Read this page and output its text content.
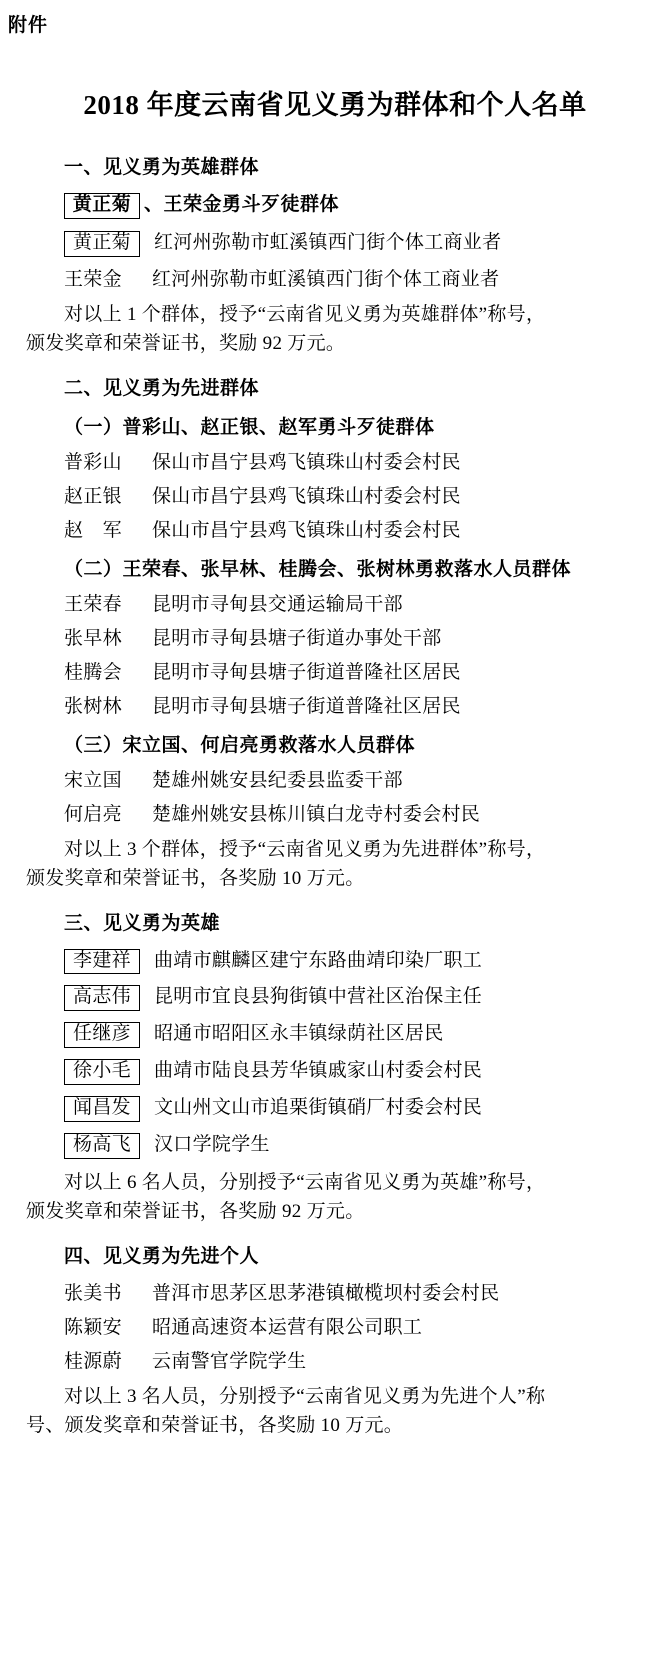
附件
2018 年度云南省见义勇为群体和个人名单
一、见义勇为英雄群体
黄正菊 、王荣金勇斗歹徒群体
黄正菊	红河州弥勒市虹溪镇西门街个体工商业者
王荣金	红河州弥勒市虹溪镇西门街个体工商业者
对以上 1 个群体，授予“云南省见义勇为英雄群体”称号，
颁发奖章和荣誉证书，奖励 92 万元。
二、见义勇为先进群体
（一）普彩山、赵正银、赵军勇斗歹徒群体
普彩山	保山市昌宁县鸡飞镇珠山村委会村民
赵正银	保山市昌宁县鸡飞镇珠山村委会村民
赵　军	保山市昌宁县鸡飞镇珠山村委会村民
（二）王荣春、张早林、桂腾会、张树林勇救落水人员群体
王荣春	昆明市寻甸县交通运输局干部
张早林	昆明市寻甸县塘子街道办事处干部
桂腾会	昆明市寻甸县塘子街道普隆社区居民
张树林	昆明市寻甸县塘子街道普隆社区居民
（三）宋立国、何启亮勇救落水人员群体
宋立国	楚雄州姚安县纪委县监委干部
何启亮	楚雄州姚安县栋川镇白龙寺村委会村民
对以上 3 个群体，授予“云南省见义勇为先进群体”称号，
颁发奖章和荣誉证书，各奖励 10 万元。
三、见义勇为英雄
李建祥	曲靖市麒麟区建宁东路曲靖印染厂职工
高志伟	昆明市宜良县狗街镇中营社区治保主任
任继彦	昭通市昭阳区永丰镇绿荫社区居民
徐小毛	曲靖市陆良县芳华镇戚家山村委会村民
闻昌发	文山州文山市追栗街镇硝厂村委会村民
杨高飞	汉口学院学生
对以上 6 名人员，分别授予“云南省见义勇为英雄”称号，
颁发奖章和荣誉证书，各奖励 92 万元。
四、见义勇为先进个人
张美书	普洱市思茅区思茅港镇橄榄坝村委会村民
陈颖安	昭通高速资本运营有限公司职工
桂源蔚	云南警官学院学生
对以上 3 名人员，分别授予“云南省见义勇为先进个人”称
号、颁发奖章和荣誉证书，各奖励 10 万元。
